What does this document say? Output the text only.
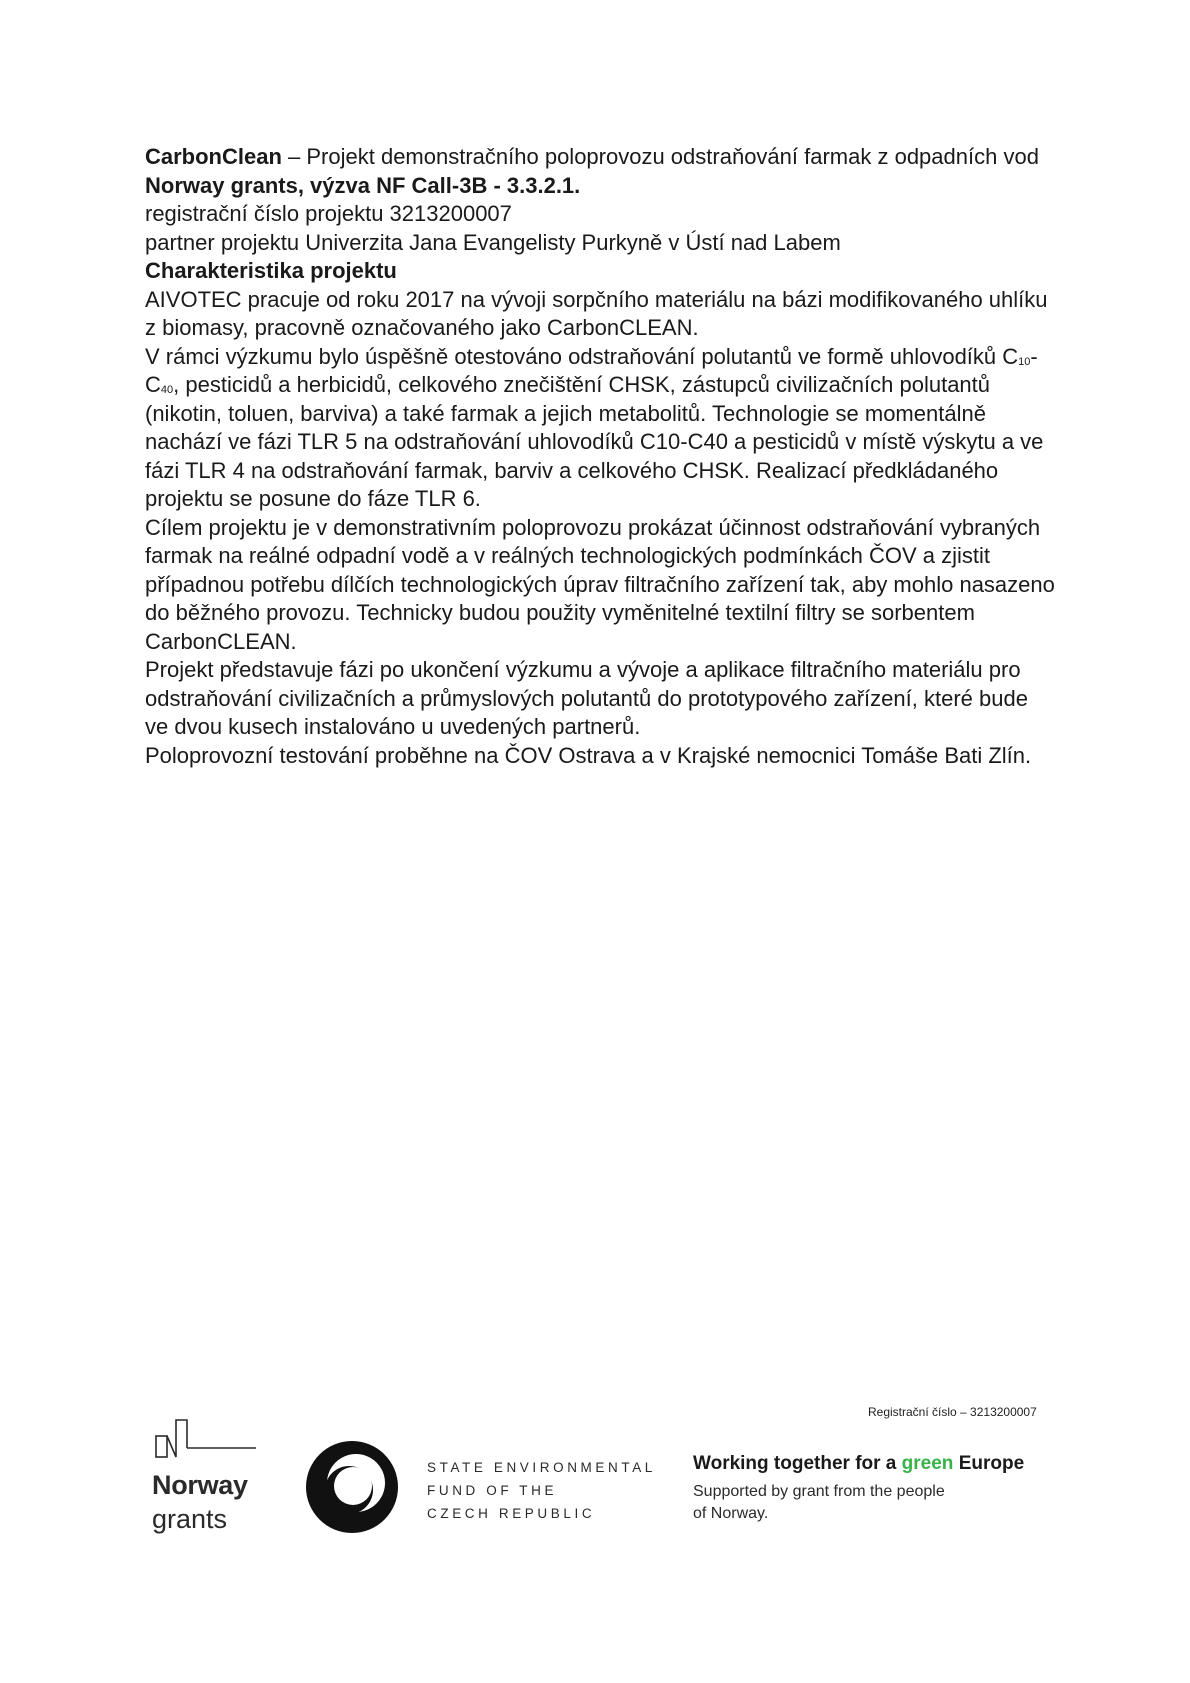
CarbonClean – Projekt demonstračního poloprovozu odstraňování farmak z odpadních vod

Norway grants, výzva NF Call-3B - 3.3.2.1.

registrační číslo projektu 3213200007

partner projektu Univerzita Jana Evangelisty Purkyně v Ústí nad Labem

Charakteristika projektu

AIVOTEC pracuje od roku 2017 na vývoji sorpčního materiálu na bázi modifikovaného uhlíku z biomasy, pracovně označovaného jako CarbonCLEAN.

V rámci výzkumu bylo úspěšně otestováno odstraňování polutantů ve formě uhlovodíků $C_{10}-C_{40}$, pesticidů a herbicidů, celkového znečištění CHSK, zástupců civilizačních polutantů (nikotin, toluen, barviva) a také farmak a jejich metabolitů. Technologie se momentálně nachází ve fázi TLR 5 na odstraňování uhlovodíků C10-C40 a pesticidů v místě výskytu a ve fázi TLR 4 na odstraňování farmak, barviv a celkového CHSK. Realizací předkládaného projektu se posune do fáze TLR 6.

Cílem projektu je v demonstrativním poloprovozu prokázat účinnost odstraňování vybraných farmak na reálné odpadní vodě a v reálných technologických podmínkách ČOV a zjistit případnou potřebu dílčích technologických úprav filtračního zařízení tak, aby mohlo nasazeno do běžného provozu. Technicky budou použity vyměnitelné textilní filtry se sorbentem CarbonCLEAN.

Projekt představuje fázi po ukončení výzkumu a vývoje a aplikace filtračního materiálu pro odstraňování civilizačních a průmyslových polutantů do prototypového zařízení, které bude ve dvou kusech instalováno u uvedených partnerů.

Poloprovozní testování proběhne na ČOV Ostrava a v Krajské nemocnici Tomáše Bati Zlín.

Registrační číslo – 3213200007
Norway
grants
STATE ENVIRONMENTAL
FUND OF THE
CZECH REPUBLIC
Working together for a green Europe
Supported by grant from the people
of Norway.
